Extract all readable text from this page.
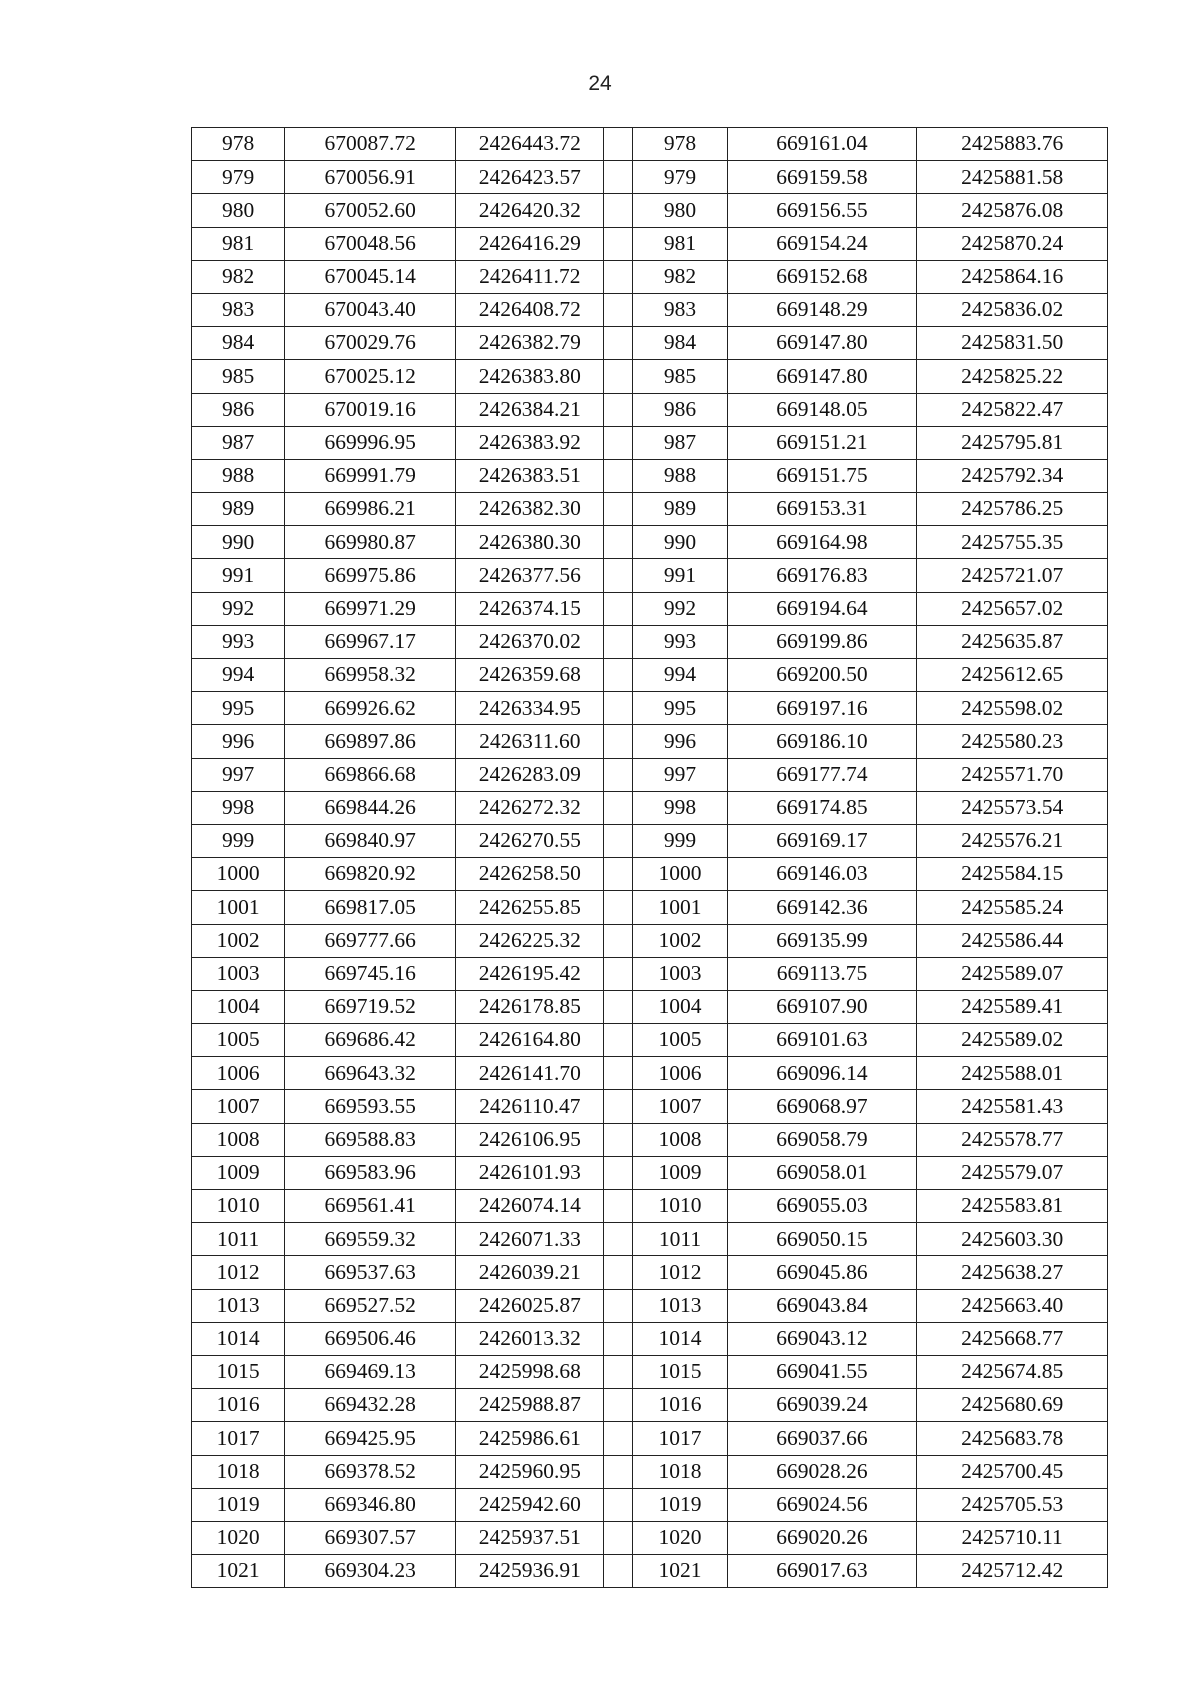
24
978	670087.72	2426443.72		978	669161.04	2425883.76
979	670056.91	2426423.57		979	669159.58	2425881.58
980	670052.60	2426420.32		980	669156.55	2425876.08
981	670048.56	2426416.29		981	669154.24	2425870.24
982	670045.14	2426411.72		982	669152.68	2425864.16
983	670043.40	2426408.72		983	669148.29	2425836.02
984	670029.76	2426382.79		984	669147.80	2425831.50
985	670025.12	2426383.80		985	669147.80	2425825.22
986	670019.16	2426384.21		986	669148.05	2425822.47
987	669996.95	2426383.92		987	669151.21	2425795.81
988	669991.79	2426383.51		988	669151.75	2425792.34
989	669986.21	2426382.30		989	669153.31	2425786.25
990	669980.87	2426380.30		990	669164.98	2425755.35
991	669975.86	2426377.56		991	669176.83	2425721.07
992	669971.29	2426374.15		992	669194.64	2425657.02
993	669967.17	2426370.02		993	669199.86	2425635.87
994	669958.32	2426359.68		994	669200.50	2425612.65
995	669926.62	2426334.95		995	669197.16	2425598.02
996	669897.86	2426311.60		996	669186.10	2425580.23
997	669866.68	2426283.09		997	669177.74	2425571.70
998	669844.26	2426272.32		998	669174.85	2425573.54
999	669840.97	2426270.55		999	669169.17	2425576.21
1000	669820.92	2426258.50		1000	669146.03	2425584.15
1001	669817.05	2426255.85		1001	669142.36	2425585.24
1002	669777.66	2426225.32		1002	669135.99	2425586.44
1003	669745.16	2426195.42		1003	669113.75	2425589.07
1004	669719.52	2426178.85		1004	669107.90	2425589.41
1005	669686.42	2426164.80		1005	669101.63	2425589.02
1006	669643.32	2426141.70		1006	669096.14	2425588.01
1007	669593.55	2426110.47		1007	669068.97	2425581.43
1008	669588.83	2426106.95		1008	669058.79	2425578.77
1009	669583.96	2426101.93		1009	669058.01	2425579.07
1010	669561.41	2426074.14		1010	669055.03	2425583.81
1011	669559.32	2426071.33		1011	669050.15	2425603.30
1012	669537.63	2426039.21		1012	669045.86	2425638.27
1013	669527.52	2426025.87		1013	669043.84	2425663.40
1014	669506.46	2426013.32		1014	669043.12	2425668.77
1015	669469.13	2425998.68		1015	669041.55	2425674.85
1016	669432.28	2425988.87		1016	669039.24	2425680.69
1017	669425.95	2425986.61		1017	669037.66	2425683.78
1018	669378.52	2425960.95		1018	669028.26	2425700.45
1019	669346.80	2425942.60		1019	669024.56	2425705.53
1020	669307.57	2425937.51		1020	669020.26	2425710.11
1021	669304.23	2425936.91		1021	669017.63	2425712.42
